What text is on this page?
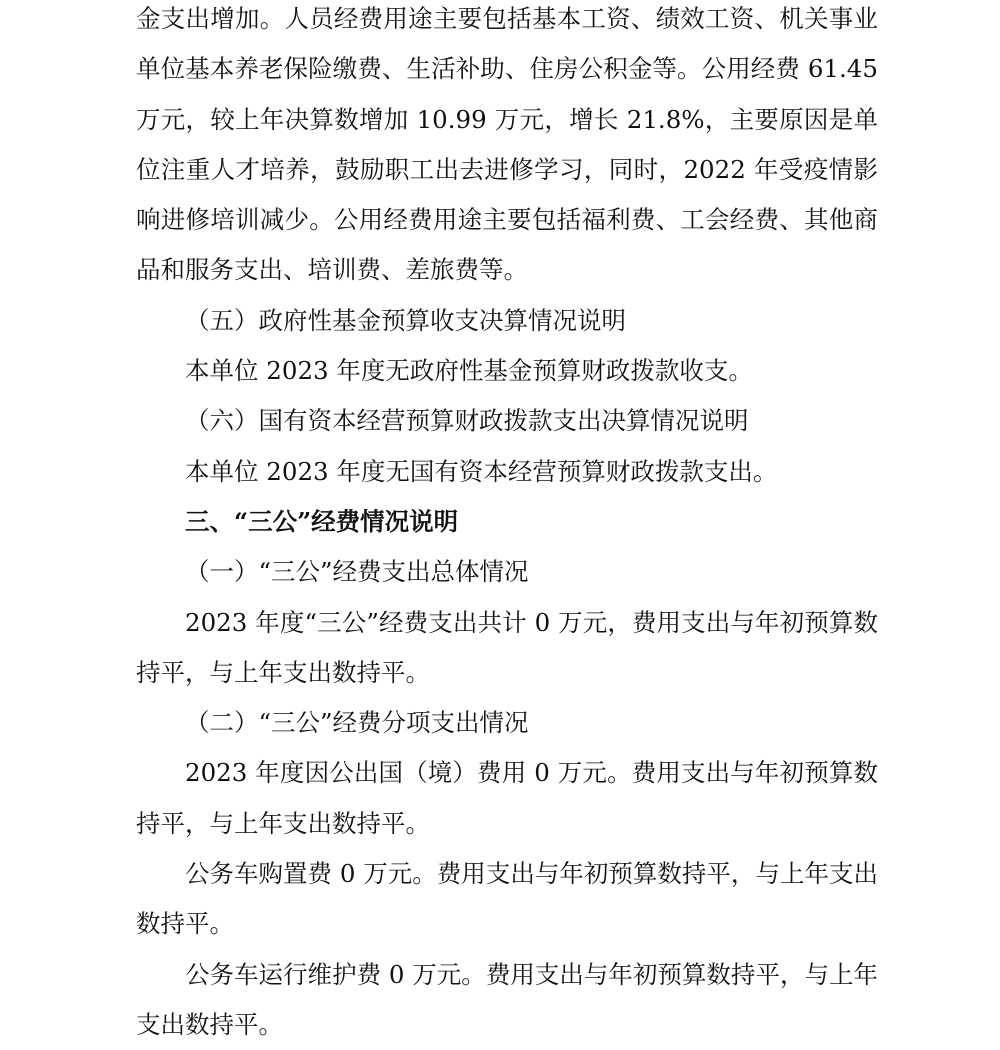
金支出增加。人员经费用途主要包括基本工资、绩效工资、机关事业单位基本养老保险缴费、生活补助、住房公积金等。公用经费 61.45 万元，较上年决算数增加 10.99 万元，增长 21.8%，主要原因是单位注重人才培养，鼓励职工出去进修学习，同时，2022 年受疫情影响进修培训减少。公用经费用途主要包括福利费、工会经费、其他商品和服务支出、培训费、差旅费等。

（五）政府性基金预算收支决算情况说明

本单位 2023 年度无政府性基金预算财政拨款收支。

（六）国有资本经营预算财政拨款支出决算情况说明

本单位 2023 年度无国有资本经营预算财政拨款支出。

三、“三公”经费情况说明

（一）“三公”经费支出总体情况

2023 年度“三公”经费支出共计 0 万元，费用支出与年初预算数持平，与上年支出数持平。

（二）“三公”经费分项支出情况

2023 年度因公出国（境）费用 0 万元。费用支出与年初预算数持平，与上年支出数持平。

公务车购置费 0 万元。费用支出与年初预算数持平，与上年支出数持平。

公务车运行维护费 0 万元。费用支出与年初预算数持平，与上年支出数持平。
